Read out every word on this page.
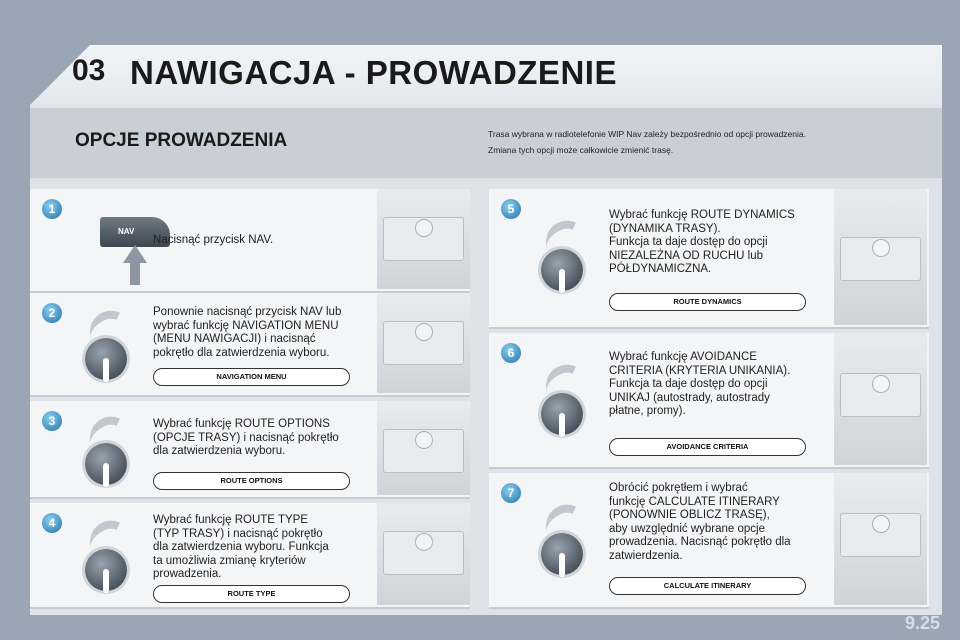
03 NAWIGACJA - PROWADZENIE
OPCJE PROWADZENIA	Trasa wybrana w radiotelefonie WIP Nav zależy bezpośrednio od opcji prowadzenia.
Zmiana tych opcji może całkowicie zmienić trasę.
1
NAV
Nacisnąć przycisk NAV.
2	Ponownie nacisnąć przycisk NAV lub
wybrać funkcję NAVIGATION MENU
(MENU NAWIGACJI) i nacisnąć
pokrętło dla zatwierdzenia wyboru.
NAVIGATION MENU
3	Wybrać funkcję ROUTE OPTIONS
(OPCJE TRASY) i nacisnąć pokrętło
dla zatwierdzenia wyboru.
ROUTE OPTIONS
4	Wybrać funkcję ROUTE TYPE
(TYP TRASY) i nacisnąć pokrętło
dla zatwierdzenia wyboru. Funkcja
ta umożliwia zmianę kryteriów
prowadzenia.
ROUTE TYPE
5	Wybrać funkcję ROUTE DYNAMICS
(DYNAMIKA TRASY).
Funkcja ta daje dostęp do opcji
NIEZALEŻNA OD RUCHU lub
PÓŁDYNAMICZNA.
ROUTE DYNAMICS
6	Wybrać funkcję AVOIDANCE
CRITERIA (KRYTERIA UNIKANIA).
Funkcja ta daje dostęp do opcji
UNIKAJ (autostrady, autostrady
płatne, promy).
AVOIDANCE CRITERIA
7	Obrócić pokrętłem i wybrać
funkcję CALCULATE ITINERARY
(PONOWNIE OBLICZ TRASĘ),
aby uwzględnić wybrane opcje
prowadzenia. Nacisnąć pokrętło dla
zatwierdzenia.
CALCULATE ITINERARY
9.25
